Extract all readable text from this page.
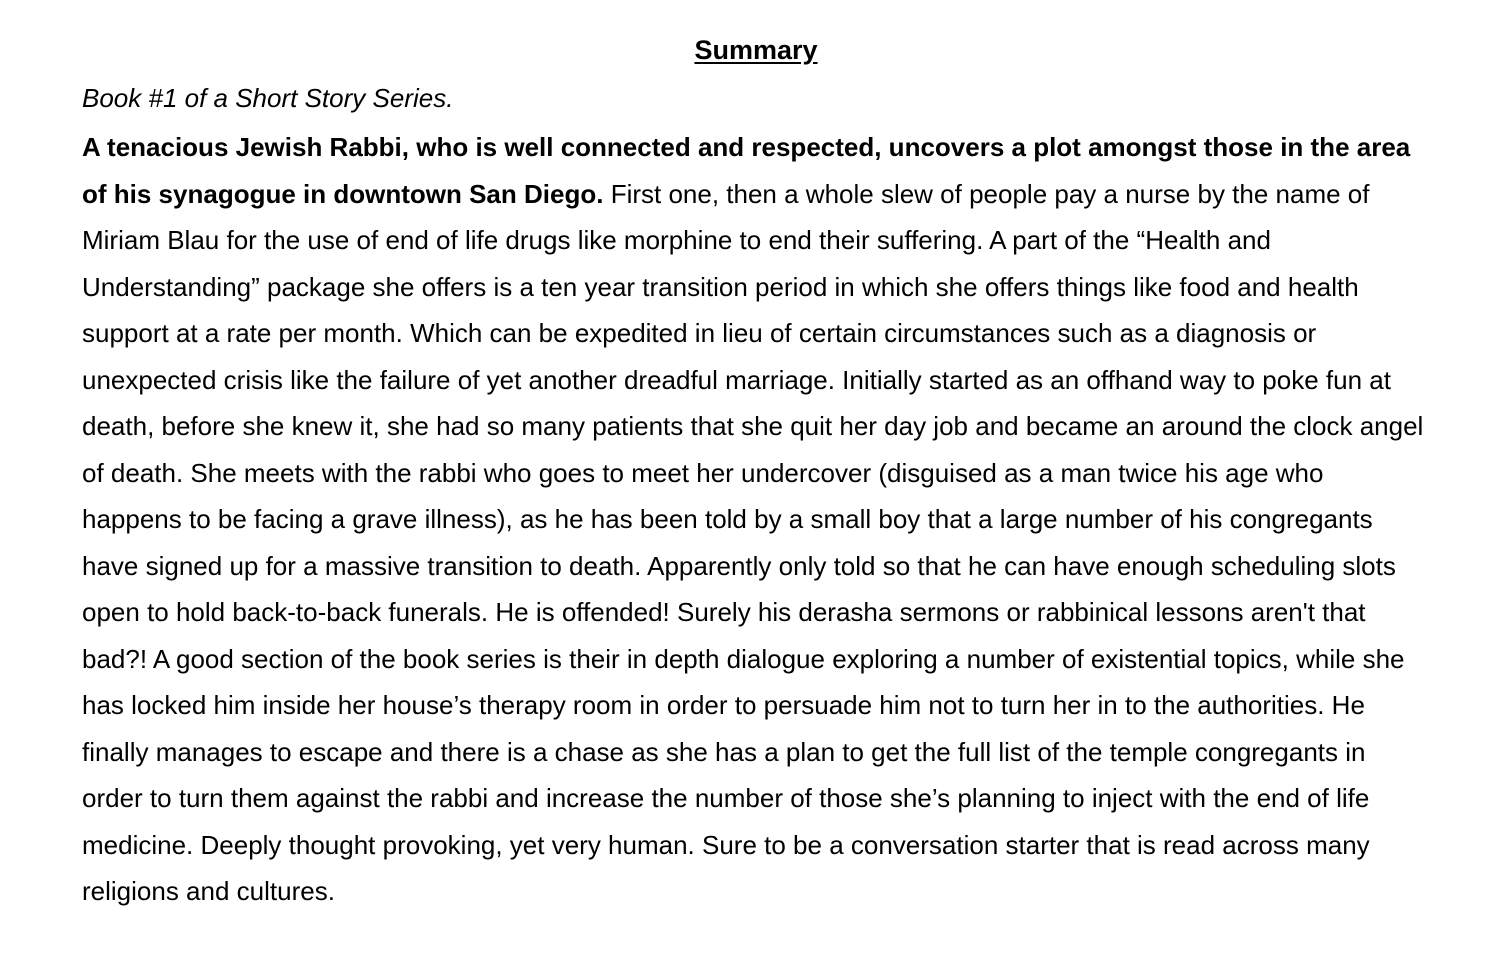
Summary
Book #1 of a Short Story Series.

A tenacious Jewish Rabbi, who is well connected and respected, uncovers a plot amongst those in the area of his synagogue in downtown San Diego. First one, then a whole slew of people pay a nurse by the name of Miriam Blau for the use of end of life drugs like morphine to end their suffering. A part of the “Health and Understanding” package she offers is a ten year transition period in which she offers things like food and health support at a rate per month. Which can be expedited in lieu of certain circumstances such as a diagnosis or unexpected crisis like the failure of yet another dreadful marriage. Initially started as an offhand way to poke fun at death, before she knew it, she had so many patients that she quit her day job and became an around the clock angel of death. She meets with the rabbi who goes to meet her undercover (disguised as a man twice his age who happens to be facing a grave illness), as he has been told by a small boy that a large number of his congregants have signed up for a massive transition to death. Apparently only told so that he can have enough scheduling slots open to hold back-to-back funerals. He is offended! Surely his derasha sermons or rabbinical lessons aren't that bad?! A good section of the book series is their in depth dialogue exploring a number of existential topics, while she has locked him inside her house’s therapy room in order to persuade him not to turn her in to the authorities. He finally manages to escape and there is a chase as she has a plan to get the full list of the temple congregants in order to turn them against the rabbi and increase the number of those she’s planning to inject with the end of life medicine. Deeply thought provoking, yet very human. Sure to be a conversation starter that is read across many religions and cultures.
